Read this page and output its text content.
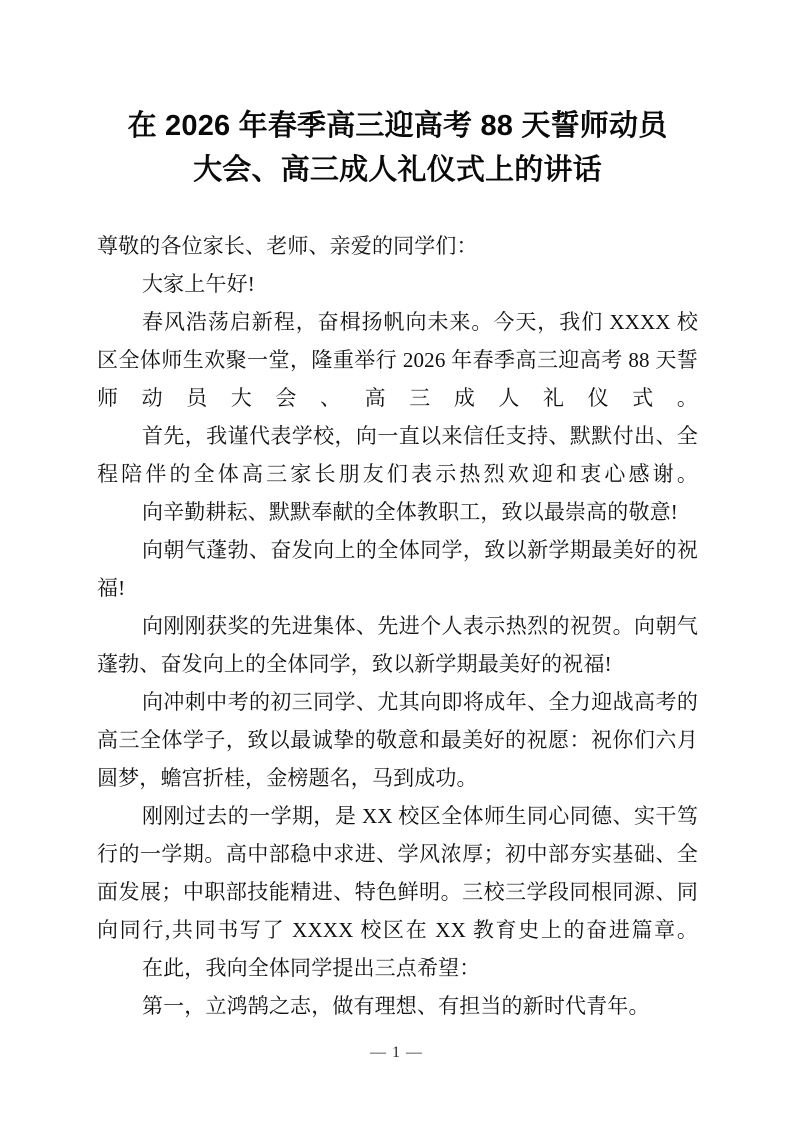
在 2026 年春季高三迎高考 88 天誓师动员
大会、高三成人礼仪式上的讲话

尊敬的各位家长、老师、亲爱的同学们：

大家上午好!

春风浩荡启新程，奋楫扬帆向未来。今天，我们 XXXX 校区全体师生欢聚一堂，隆重举行 2026 年春季高三迎高考 88 天誓师动员大会、高三成人礼仪式。

首先，我谨代表学校，向一直以来信任支持、默默付出、全程陪伴的全体高三家长朋友们表示热烈欢迎和衷心感谢。

向辛勤耕耘、默默奉献的全体教职工，致以最崇高的敬意!

向朝气蓬勃、奋发向上的全体同学，致以新学期最美好的祝福!

向刚刚获奖的先进集体、先进个人表示热烈的祝贺。向朝气蓬勃、奋发向上的全体同学，致以新学期最美好的祝福!

向冲刺中考的初三同学、尤其向即将成年、全力迎战高考的高三全体学子，致以最诚挚的敬意和最美好的祝愿：祝你们六月圆梦，蟾宫折桂，金榜题名，马到成功。

刚刚过去的一学期，是 XX 校区全体师生同心同德、实干笃行的一学期。高中部稳中求进、学风浓厚；初中部夯实基础、全面发展；中职部技能精进、特色鲜明。三校三学段同根同源、同向同行,共同书写了 XXXX 校区在 XX 教育史上的奋进篇章。

在此，我向全体同学提出三点希望：

第一，立鸿鹄之志，做有理想、有担当的新时代青年。

— 1 —
